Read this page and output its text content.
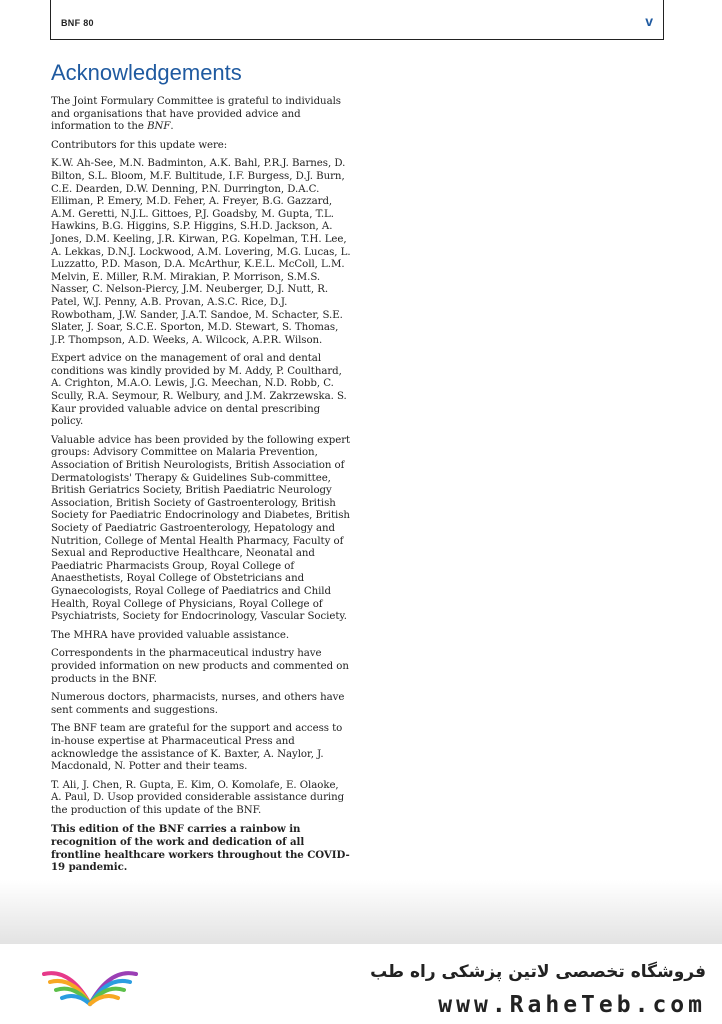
BNF 80	v
Acknowledgements

The Joint Formulary Committee is grateful to individuals and organisations that have provided advice and information to the BNF.

Contributors for this update were:

K.W. Ah-See, M.N. Badminton, A.K. Bahl, P.R.J. Barnes, D. Bilton, S.L. Bloom, M.F. Bultitude, I.F. Burgess, D.J. Burn, C.E. Dearden, D.W. Denning, P.N. Durrington, D.A.C. Elliman, P. Emery, M.D. Feher, A. Freyer, B.G. Gazzard, A.M. Geretti, N.J.L. Gittoes, P.J. Goadsby, M. Gupta, T.L. Hawkins, B.G. Higgins, S.P. Higgins, S.H.D. Jackson, A. Jones, D.M. Keeling, J.R. Kirwan, P.G. Kopelman, T.H. Lee, A. Lekkas, D.N.J. Lockwood, A.M. Lovering, M.G. Lucas, L. Luzzatto, P.D. Mason, D.A. McArthur, K.E.L. McColl, L.M. Melvin, E. Miller, R.M. Mirakian, P. Morrison, S.M.S. Nasser, C. Nelson-Piercy, J.M. Neuberger, D.J. Nutt, R. Patel, W.J. Penny, A.B. Provan, A.S.C. Rice, D.J. Rowbotham, J.W. Sander, J.A.T. Sandoe, M. Schacter, S.E. Slater, J. Soar, S.C.E. Sporton, M.D. Stewart, S. Thomas, J.P. Thompson, A.D. Weeks, A. Wilcock, A.P.R. Wilson.

Expert advice on the management of oral and dental conditions was kindly provided by M. Addy, P. Coulthard, A. Crighton, M.A.O. Lewis, J.G. Meechan, N.D. Robb, C. Scully, R.A. Seymour, R. Welbury, and J.M. Zakrzewska. S. Kaur provided valuable advice on dental prescribing policy.

Valuable advice has been provided by the following expert groups: Advisory Committee on Malaria Prevention, Association of British Neurologists, British Association of Dermatologists' Therapy & Guidelines Sub-committee, British Geriatrics Society, British Paediatric Neurology Association, British Society of Gastroenterology, British Society for Paediatric Endocrinology and Diabetes, British Society of Paediatric Gastroenterology, Hepatology and Nutrition, College of Mental Health Pharmacy, Faculty of Sexual and Reproductive Healthcare, Neonatal and Paediatric Pharmacists Group, Royal College of Anaesthetists, Royal College of Obstetricians and Gynaecologists, Royal College of Paediatrics and Child Health, Royal College of Physicians, Royal College of Psychiatrists, Society for Endocrinology, Vascular Society.

The MHRA have provided valuable assistance.

Correspondents in the pharmaceutical industry have provided information on new products and commented on products in the BNF.

Numerous doctors, pharmacists, nurses, and others have sent comments and suggestions.

The BNF team are grateful for the support and access to in-house expertise at Pharmaceutical Press and acknowledge the assistance of K. Baxter, A. Naylor, J. Macdonald, N. Potter and their teams.

T. Ali, J. Chen, R. Gupta, E. Kim, O. Komolafe, E. Olaoke, A. Paul, D. Usop provided considerable assistance during the production of this update of the BNF.

This edition of the BNF carries a rainbow in recognition of the work and dedication of all frontline healthcare workers throughout the COVID-19 pandemic.

فروشگاه تخصصی لاتین پزشکی راه طب
www.RaheTeb.com
